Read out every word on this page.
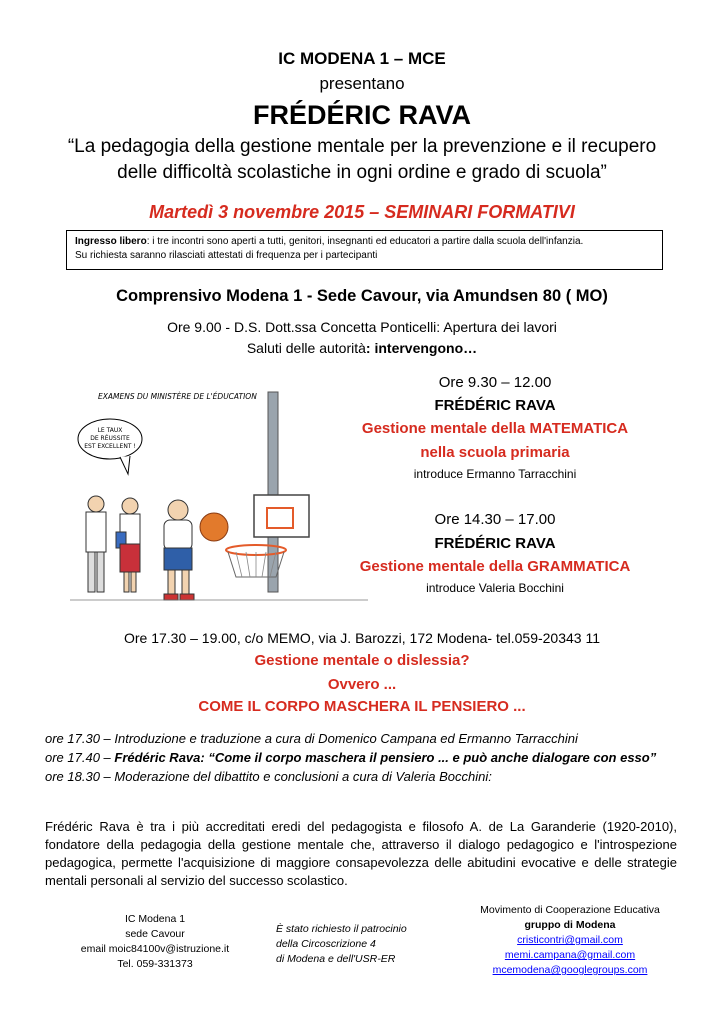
IC MODENA 1 – MCE
presentano
FRÉDÉRIC RAVA
“La pedagogia della gestione mentale per la prevenzione e il recupero
delle difficoltà scolastiche in ogni ordine e grado di scuola”
Martedì 3 novembre 2015 – SEMINARI FORMATIVI
Ingresso libero: i tre incontri sono aperti a tutti, genitori, insegnanti ed educatori a partire dalla scuola dell'infanzia.
Su richiesta saranno rilasciati attestati di frequenza per i partecipanti
Comprensivo Modena 1 - Sede Cavour, via Amundsen 80 ( MO)
Ore 9.00 - D.S. Dott.ssa Concetta Ponticelli: Apertura dei lavori
Saluti delle autorità: intervengono…
EXAMENS DU MINISTÈRE DE L'ÉDUCATION
LE TAUX
DE RÉUSSITE
EST EXCELLENT !
Ore 9.30 – 12.00
FRÉDÉRIC RAVA
Gestione mentale della MATEMATICA
nella scuola primaria
introduce Ermanno Tarracchini
Ore 14.30 – 17.00
FRÉDÉRIC RAVA
Gestione mentale della GRAMMATICA
introduce Valeria Bocchini
Ore 17.30 – 19.00, c/o MEMO, via J. Barozzi, 172 Modena- tel.059-20343 11
Gestione mentale o dislessia?
Ovvero ...
COME IL CORPO MASCHERA IL PENSIERO ...
ore 17.30 – Introduzione e traduzione a cura di Domenico Campana ed Ermanno Tarracchini
ore 17.40 – Frédéric Rava: “Come il corpo maschera il pensiero ... e può anche dialogare con esso”
ore 18.30 – Moderazione del dibattito e conclusioni a cura di Valeria Bocchini:
Frédéric Rava è tra i più accreditati eredi del pedagogista e filosofo A. de La Garanderie (1920-2010), fondatore della pedagogia della gestione mentale che, attraverso il dialogo pedagogico e l'introspezione pedagogica, permette l'acquisizione di maggiore consapevolezza delle abitudini evocative e delle strategie mentali personali al servizio del successo scolastico.
IC Modena 1
sede Cavour
email moic84100v@istruzione.it
Tel. 059-331373
È stato richiesto il patrocinio
della Circoscrizione 4
di Modena e dell'USR-ER
Movimento di Cooperazione Educativa
gruppo di Modena
cristicontri@gmail.com
memi.campana@gmail.com
mcemodena@googlegroups.com
